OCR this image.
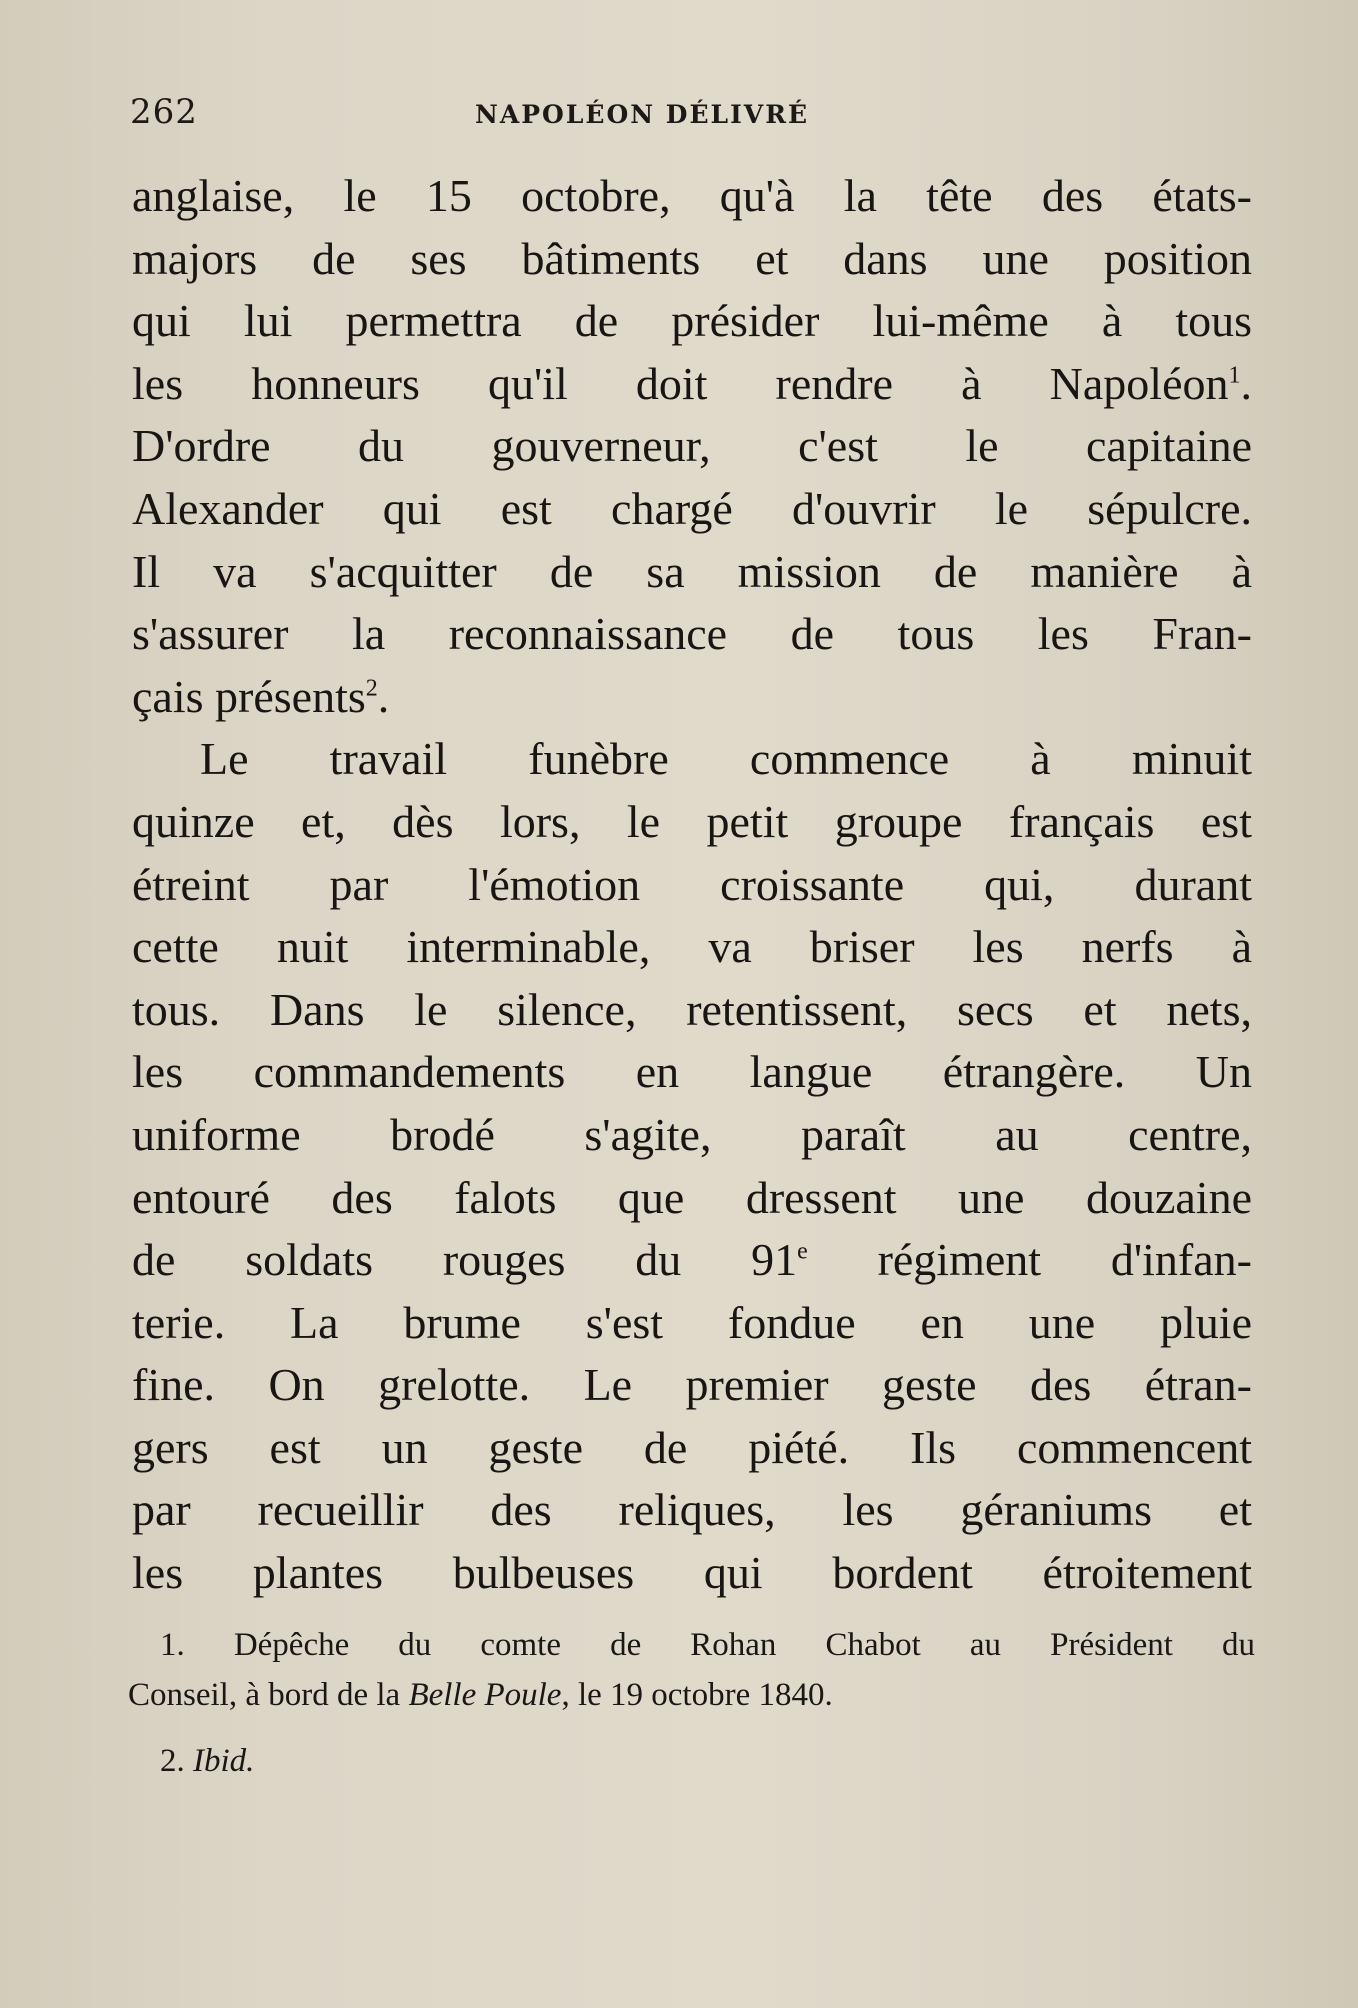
262	NAPOLÉON DÉLIVRÉ
anglaise, le 15 octobre, qu'à la tête des états-
majors de ses bâtiments et dans une position
qui lui permettra de présider lui-même à tous
les honneurs qu'il doit rendre à Napoléon$^1$.
D'ordre du gouverneur, c'est le capitaine
Alexander qui est chargé d'ouvrir le sépulcre.
Il va s'acquitter de sa mission de manière à
s'assurer la reconnaissance de tous les Fran-
çais présents$^2$.
Le travail funèbre commence à minuit
quinze et, dès lors, le petit groupe français est
étreint par l'émotion croissante qui, durant
cette nuit interminable, va briser les nerfs à
tous. Dans le silence, retentissent, secs et nets,
les commandements en langue étrangère. Un
uniforme brodé s'agite, paraît au centre,
entouré des falots que dressent une douzaine
de soldats rouges du 91e régiment d'infan-
terie. La brume s'est fondue en une pluie
fine. On grelotte. Le premier geste des étran-
gers est un geste de piété. Ils commencent
par recueillir des reliques, les géraniums et
les plantes bulbeuses qui bordent étroitement
1. Dépêche du comte de Rohan Chabot au Président du
Conseil, à bord de la Belle Poule, le 19 octobre 1840.
2. Ibid.
